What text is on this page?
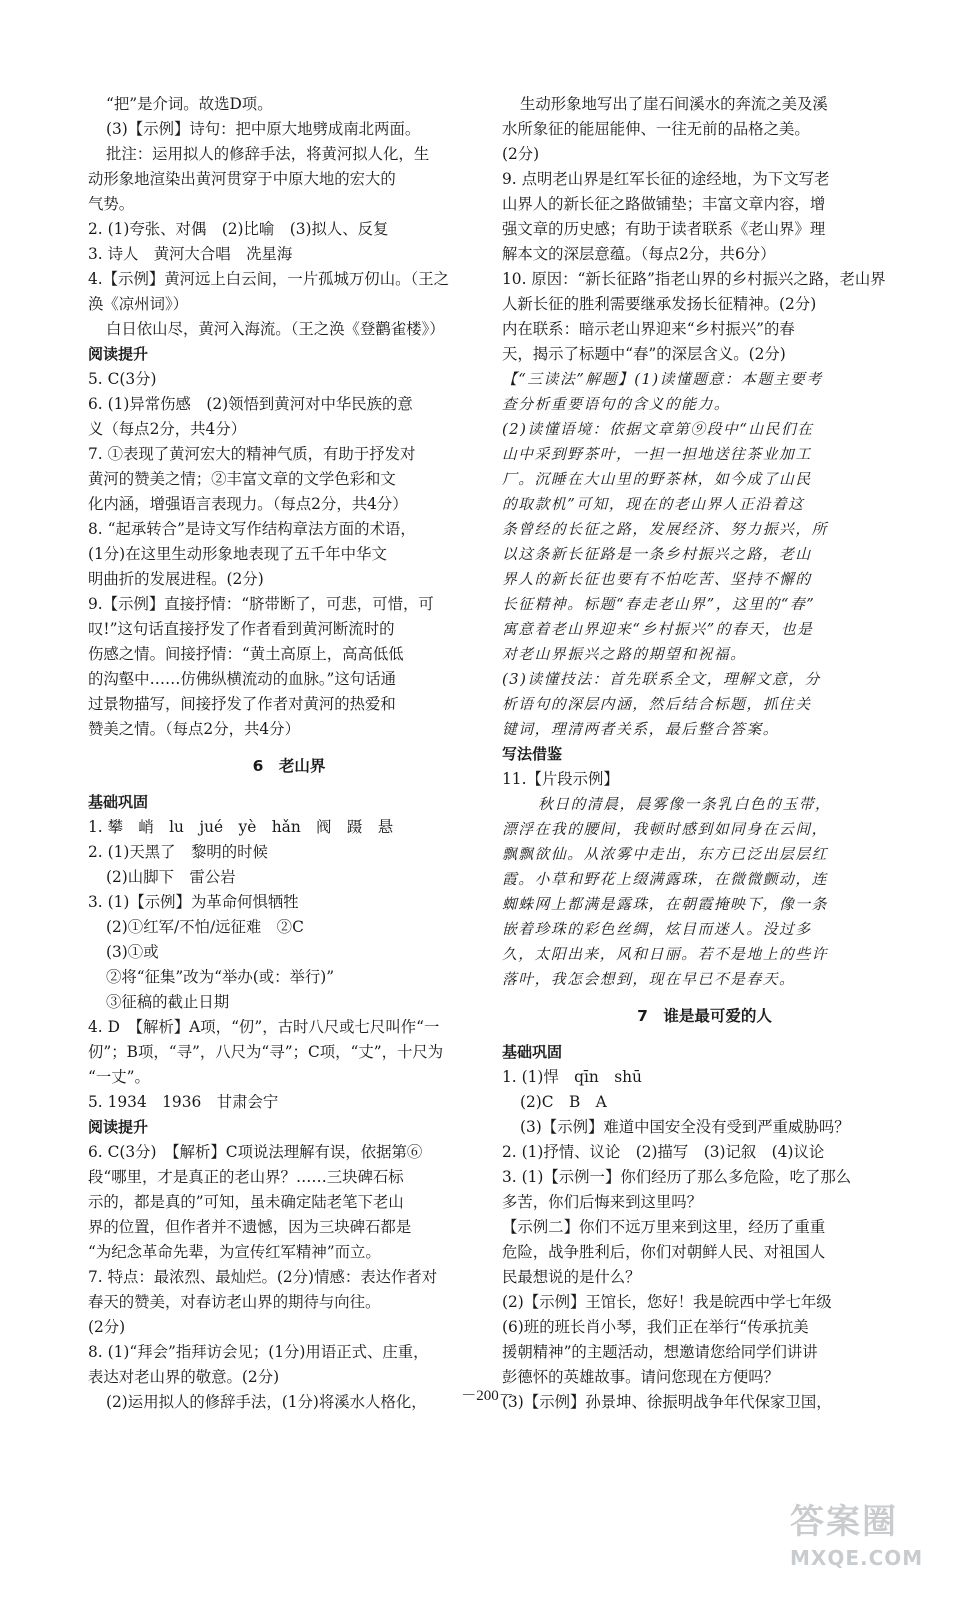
“把”是介词。故选D项。
(3)【示例】诗句：把中原大地劈成南北两面。
批注：运用拟人的修辞手法，将黄河拟人化，生
动形象地渲染出黄河贯穿于中原大地的宏大的
气势。
2. (1)夸张、对偶　(2)比喻　(3)拟人、反复
3. 诗人　黄河大合唱　冼星海
4.【示例】黄河远上白云间，一片孤城万仞山。（王之
涣《凉州词》）
白日依山尽，黄河入海流。（王之涣《登鹳雀楼》）
阅读提升
5. C(3分)
6. (1)异常伤感　(2)领悟到黄河对中华民族的意
义（每点2分，共4分）
7. ①表现了黄河宏大的精神气质，有助于抒发对
黄河的赞美之情；②丰富文章的文学色彩和文
化内涵，增强语言表现力。（每点2分，共4分）
8. “起承转合”是诗文写作结构章法方面的术语，
(1分)在这里生动形象地表现了五千年中华文
明曲折的发展进程。(2分)
9.【示例】直接抒情：“脐带断了，可悲，可惜，可
叹!”这句话直接抒发了作者看到黄河断流时的
伤感之情。间接抒情：“黄土高原上，高高低低
的沟壑中……仿佛纵横流动的血脉。”这句话通
过景物描写，间接抒发了作者对黄河的热爱和
赞美之情。（每点2分，共4分）
6　老山界
基础巩固
1. 攀　峭　lu　jué　yè　hǎn　阀　蹑　悬
2. (1)天黑了　黎明的时候
(2)山脚下　雷公岩
3. (1)【示例】为革命何惧牺牲
(2)①红军/不怕/远征难　②C
(3)①或
②将“征集”改为“举办(或：举行)”
③征稿的截止日期
4. D　【解析】A项，“仞”，古时八尺或七尺叫作“一
仞”；B项，“寻”，八尺为“寻”；C项，“丈”，十尺为
“一丈”。
5. 1934　1936　甘肃会宁
阅读提升
6. C(3分)　【解析】C项说法理解有误，依据第⑥
段“哪里，才是真正的老山界？……三块碑石标
示的，都是真的”可知，虽未确定陆老笔下老山
界的位置，但作者并不遗憾，因为三块碑石都是
“为纪念革命先辈，为宣传红军精神”而立。
7. 特点：最浓烈、最灿烂。(2分)情感：表达作者对
春天的赞美，对春访老山界的期待与向往。
(2分)
8. (1)“拜会”指拜访会见；(1分)用语正式、庄重，
表达对老山界的敬意。(2分)
(2)运用拟人的修辞手法，(1分)将溪水人格化，
生动形象地写出了崖石间溪水的奔流之美及溪
水所象征的能屈能伸、一往无前的品格之美。
(2分)
9. 点明老山界是红军长征的途经地，为下文写老
山界人的新长征之路做铺垫；丰富文章内容，增
强文章的历史感；有助于读者联系《老山界》理
解本文的深层意蕴。（每点2分，共6分）
10. 原因：“新长征路”指老山界的乡村振兴之路，老山界
人新长征的胜利需要继承发扬长征精神。(2分)
内在联系：暗示老山界迎来“乡村振兴”的春
天，揭示了标题中“春”的深层含义。(2分)
【“三读法”解题】(1)读懂题意：本题主要考
查分析重要语句的含义的能力。
(2)读懂语境：依据文章第⑨段中“山民们在
山中采到野茶叶，一担一担地送往茶业加工
厂。沉睡在大山里的野茶林，如今成了山民
的取款机”可知，现在的老山界人正沿着这
条曾经的长征之路，发展经济、努力振兴，所
以这条新长征路是一条乡村振兴之路，老山
界人的新长征也要有不怕吃苦、坚持不懈的
长征精神。标题“春走老山界”，这里的“春”
寓意着老山界迎来“乡村振兴”的春天，也是
对老山界振兴之路的期望和祝福。
(3)读懂技法：首先联系全文，理解文意，分
析语句的深层内涵，然后结合标题，抓住关
键词，理清两者关系，最后整合答案。
写法借鉴
11.【片段示例】
秋日的清晨，晨雾像一条乳白色的玉带，
漂浮在我的腰间，我顿时感到如同身在云间，
飘飘欲仙。从浓雾中走出，东方已泛出层层红
霞。小草和野花上缀满露珠，在微微颤动，连
蜘蛛网上都满是露珠，在朝霞掩映下，像一条
嵌着珍珠的彩色丝绸，炫目而迷人。没过多
久，太阳出来，风和日丽。若不是地上的些许
落叶，我怎会想到，现在早已不是春天。
7　谁是最可爱的人
基础巩固
1. (1)悍　qīn　shū
(2)C　B　A
(3)【示例】难道中国安全没有受到严重威胁吗？
2. (1)抒情、议论　(2)描写　(3)记叙　(4)议论
3. (1)【示例一】你们经历了那么多危险，吃了那么
多苦，你们后悔来到这里吗？
【示例二】你们不远万里来到这里，经历了重重
危险，战争胜利后，你们对朝鲜人民、对祖国人
民最想说的是什么？
(2)【示例】王馆长，您好！我是皖西中学七年级
(6)班的班长肖小琴，我们正在举行“传承抗美
援朝精神”的主题活动，想邀请您给同学们讲讲
彭德怀的英雄故事。请问您现在方便吗？
(3)【示例】孙景坤、徐振明战争年代保家卫国，
－200－
答案圈
MXQE.COM
